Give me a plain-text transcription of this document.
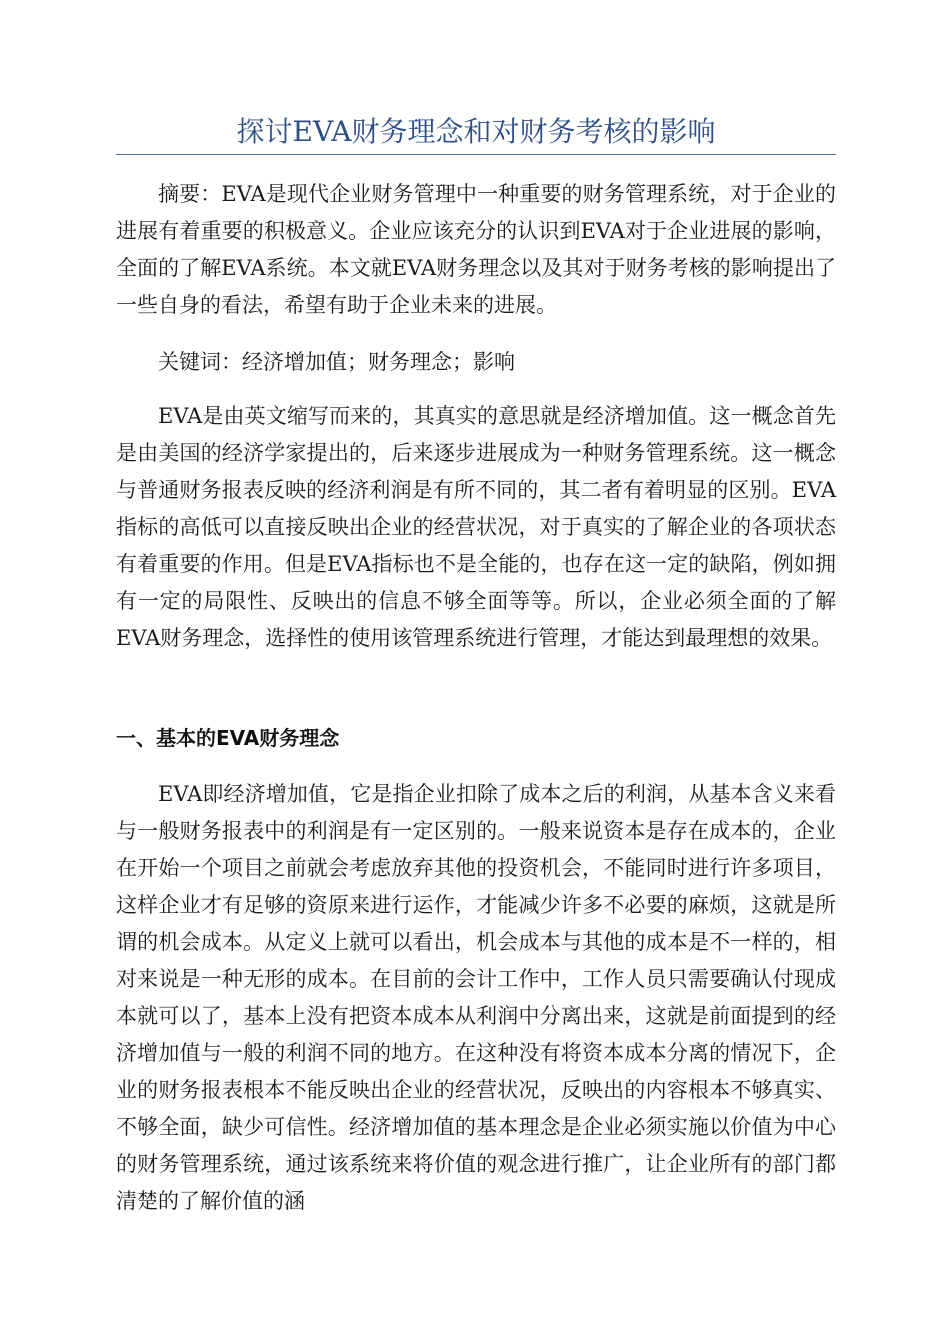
探讨EVA财务理念和对财务考核的影响

摘要：EVA是现代企业财务管理中一种重要的财务管理系统，对于企业的进展有着重要的积极意义。企业应该充分的认识到EVA对于企业进展的影响，全面的了解EVA系统。本文就EVA财务理念以及其对于财务考核的影响提出了一些自身的看法，希望有助于企业未来的进展。

关键词：经济增加值；财务理念；影响

EVA是由英文缩写而来的，其真实的意思就是经济增加值。这一概念首先是由美国的经济学家提出的，后来逐步进展成为一种财务管理系统。这一概念与普通财务报表反映的经济利润是有所不同的，其二者有着明显的区别。EVA指标的高低可以直接反映出企业的经营状况，对于真实的了解企业的各项状态有着重要的作用。但是EVA指标也不是全能的，也存在这一定的缺陷，例如拥有一定的局限性、反映出的信息不够全面等等。所以，企业必须全面的了解EVA财务理念，选择性的使用该管理系统进行管理，才能达到最理想的效果。

一、基本的EVA财务理念

EVA即经济增加值，它是指企业扣除了成本之后的利润，从基本含义来看与一般财务报表中的利润是有一定区别的。一般来说资本是存在成本的，企业在开始一个项目之前就会考虑放弃其他的投资机会，不能同时进行许多项目，这样企业才有足够的资原来进行运作，才能减少许多不必要的麻烦，这就是所谓的机会成本。从定义上就可以看出，机会成本与其他的成本是不一样的，相对来说是一种无形的成本。在目前的会计工作中，工作人员只需要确认付现成本就可以了，基本上没有把资本成本从利润中分离出来，这就是前面提到的经济增加值与一般的利润不同的地方。在这种没有将资本成本分离的情况下，企业的财务报表根本不能反映出企业的经营状况，反映出的内容根本不够真实、不够全面，缺少可信性。经济增加值的基本理念是企业必须实施以价值为中心的财务管理系统，通过该系统来将价值的观念进行推广，让企业所有的部门都清楚的了解价值的涵
